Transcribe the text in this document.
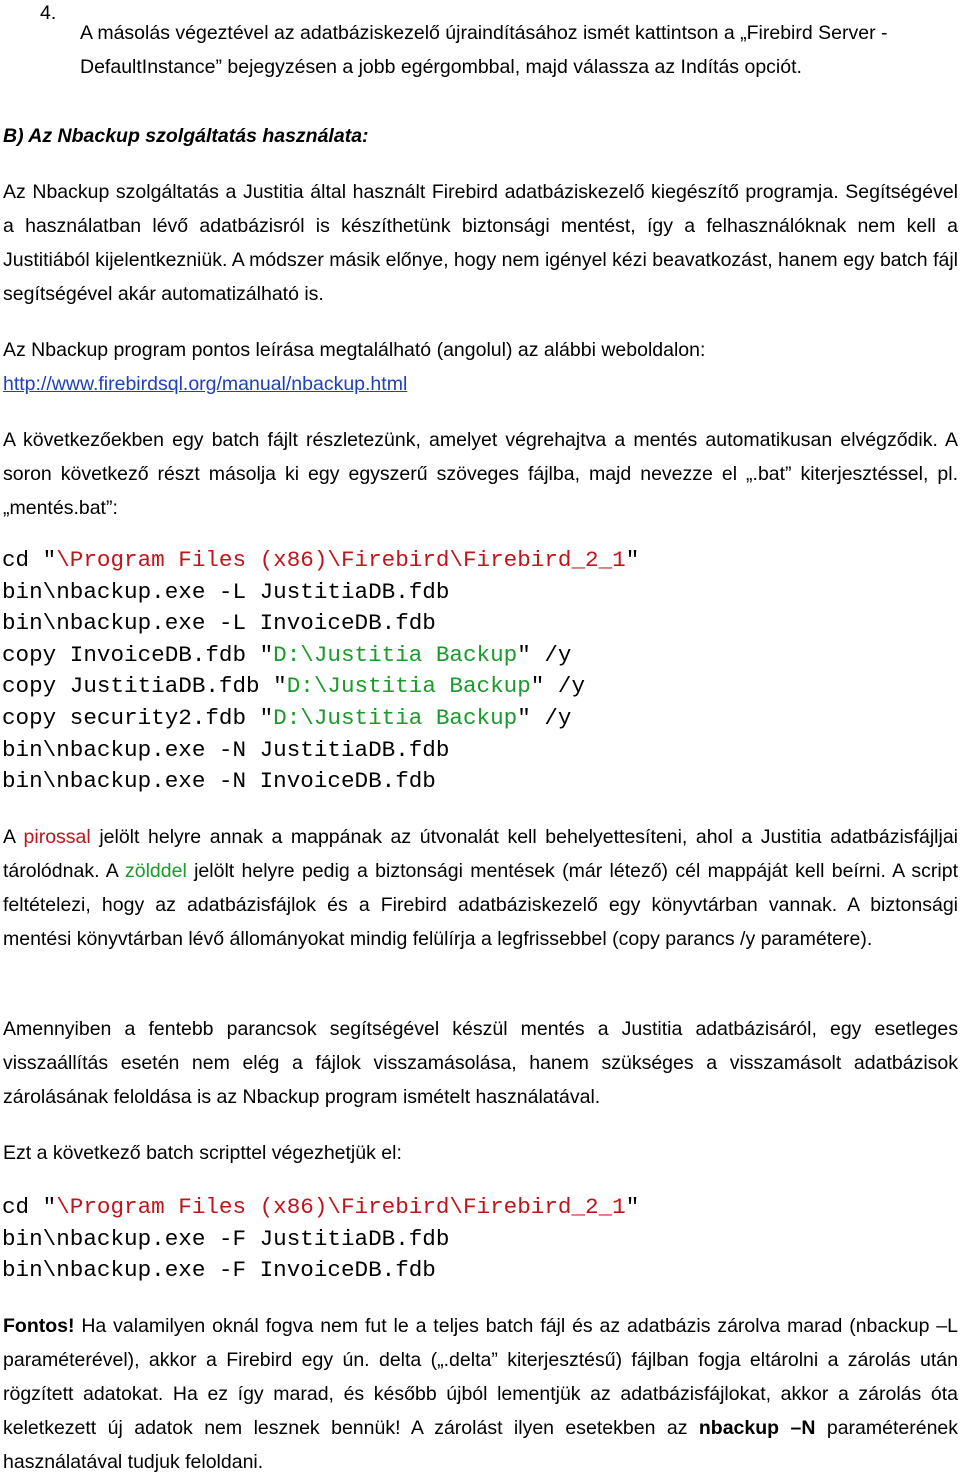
4.

A másolás végeztével az adatbáziskezelő újraindításához ismét kattintson a „Firebird Server - DefaultInstance” bejegyzésen a jobb egérgombbal, majd válassza az Indítás opciót.

B) Az Nbackup szolgáltatás használata:

Az Nbackup szolgáltatás a Justitia által használt Firebird adatbáziskezelő kiegészítő programja. Segítségével a használatban lévő adatbázisról is készíthetünk biztonsági mentést, így a felhasználóknak nem kell a Justitiából kijelentkezniük. A módszer másik előnye, hogy nem igényel kézi beavatkozást, hanem egy batch fájl segítségével akár automatizálható is.

Az Nbackup program pontos leírása megtalálható (angolul) az alábbi weboldalon:
http://www.firebirdsql.org/manual/nbackup.html

A következőekben egy batch fájlt részletezünk, amelyet végrehajtva a mentés automatikusan elvégződik. A soron következő részt másolja ki egy egyszerű szöveges fájlba, majd nevezze el „.bat” kiterjesztéssel, pl. „mentés.bat”:

cd "\Program Files (x86)\Firebird\Firebird_2_1"
bin\nbackup.exe -L JustitiaDB.fdb
bin\nbackup.exe -L InvoiceDB.fdb
copy InvoiceDB.fdb "D:\Justitia Backup" /y
copy JustitiaDB.fdb "D:\Justitia Backup" /y
copy security2.fdb "D:\Justitia Backup" /y
bin\nbackup.exe -N JustitiaDB.fdb
bin\nbackup.exe -N InvoiceDB.fdb

A pirossal jelölt helyre annak a mappának az útvonalát kell behelyettesíteni, ahol a Justitia adatbázisfájljai tárolódnak. A zölddel jelölt helyre pedig a biztonsági mentések (már létező) cél mappáját kell beírni. A script feltételezi, hogy az adatbázisfájlok és a Firebird adatbáziskezelő egy könyvtárban vannak. A biztonsági mentési könyvtárban lévő állományokat mindig felülírja a legfrissebbel (copy parancs /y paramétere).

Amennyiben a fentebb parancsok segítségével készül mentés a Justitia adatbázisáról, egy esetleges visszaállítás esetén nem elég a fájlok visszamásolása, hanem szükséges a visszamásolt adatbázisok zárolásának feloldása is az Nbackup program ismételt használatával.

Ezt a következő batch scripttel végezhetjük el:

cd "\Program Files (x86)\Firebird\Firebird_2_1"
bin\nbackup.exe -F JustitiaDB.fdb
bin\nbackup.exe -F InvoiceDB.fdb

Fontos! Ha valamilyen oknál fogva nem fut le a teljes batch fájl és az adatbázis zárolva marad (nbackup –L paraméterével), akkor a Firebird egy ún. delta („.delta” kiterjesztésű) fájlban fogja eltárolni a zárolás után rögzített adatokat. Ha ez így marad, és később újból lementjük az adatbázisfájlokat, akkor a zárolás óta keletkezett új adatok nem lesznek bennük! A zárolást ilyen esetekben az nbackup –N paraméterének használatával tudjuk feloldani.
